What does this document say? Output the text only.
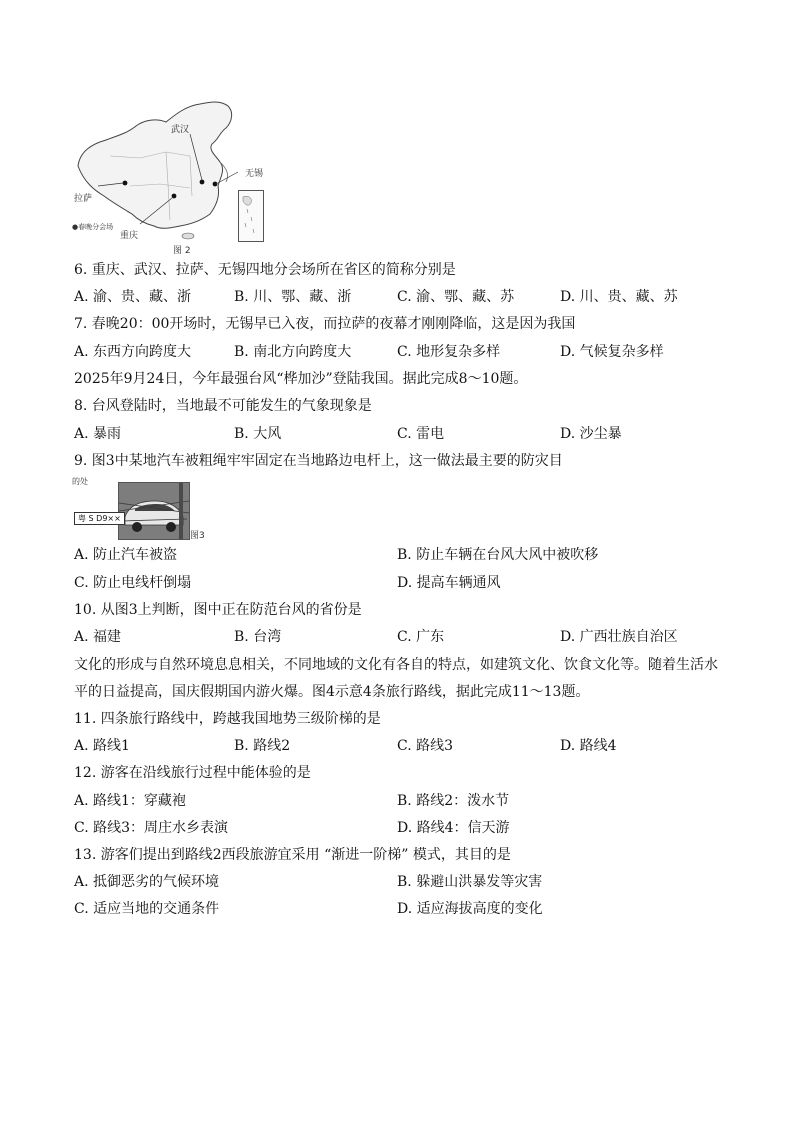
武汉
无锡
拉萨
重庆
●春晚分会场
图 2
6. 重庆、武汉、拉萨、无锡四地分会场所在省区的简称分别是
A. 渝、贵、藏、浙	B. 川、鄂、藏、浙	C. 渝、鄂、藏、苏	D. 川、贵、藏、苏
7. 春晚20：00开场时，无锡早已入夜，而拉萨的夜幕才刚刚降临，这是因为我国
A. 东西方向跨度大	B. 南北方向跨度大	C. 地形复杂多样	D. 气候复杂多样
2025年9月24日，今年最强台风“桦加沙”登陆我国。据此完成8～10题。
8. 台风登陆时，当地最不可能发生的气象现象是
A. 暴雨	B. 大风	C. 雷电	D. 沙尘暴
9. 图3中某地汽车被粗绳牢牢固定在当地路边电杆上，这一做法最主要的防灾目
的处
粤 S D9××
图3
A. 防止汽车被盗	B. 防止车辆在台风大风中被吹移
C. 防止电线杆倒塌	D. 提高车辆通风
10. 从图3上判断，图中正在防范台风的省份是
A. 福建	B. 台湾	C. 广东	D. 广西壮族自治区
文化的形成与自然环境息息相关，不同地域的文化有各自的特点，如建筑文化、饮食文化等。随着生活水
平的日益提高，国庆假期国内游火爆。图4示意4条旅行路线，据此完成11～13题。
11. 四条旅行路线中，跨越我国地势三级阶梯的是
A. 路线1	B. 路线2	C. 路线3	D. 路线4
12. 游客在沿线旅行过程中能体验的是
A. 路线1：穿藏袍	B. 路线2：泼水节
C. 路线3：周庄水乡表演	D. 路线4：信天游
13. 游客们提出到路线2西段旅游宜采用 “渐进一阶梯” 模式，其目的是
A. 抵御恶劣的气候环境	B. 躲避山洪暴发等灾害
C. 适应当地的交通条件	D. 适应海拔高度的变化
